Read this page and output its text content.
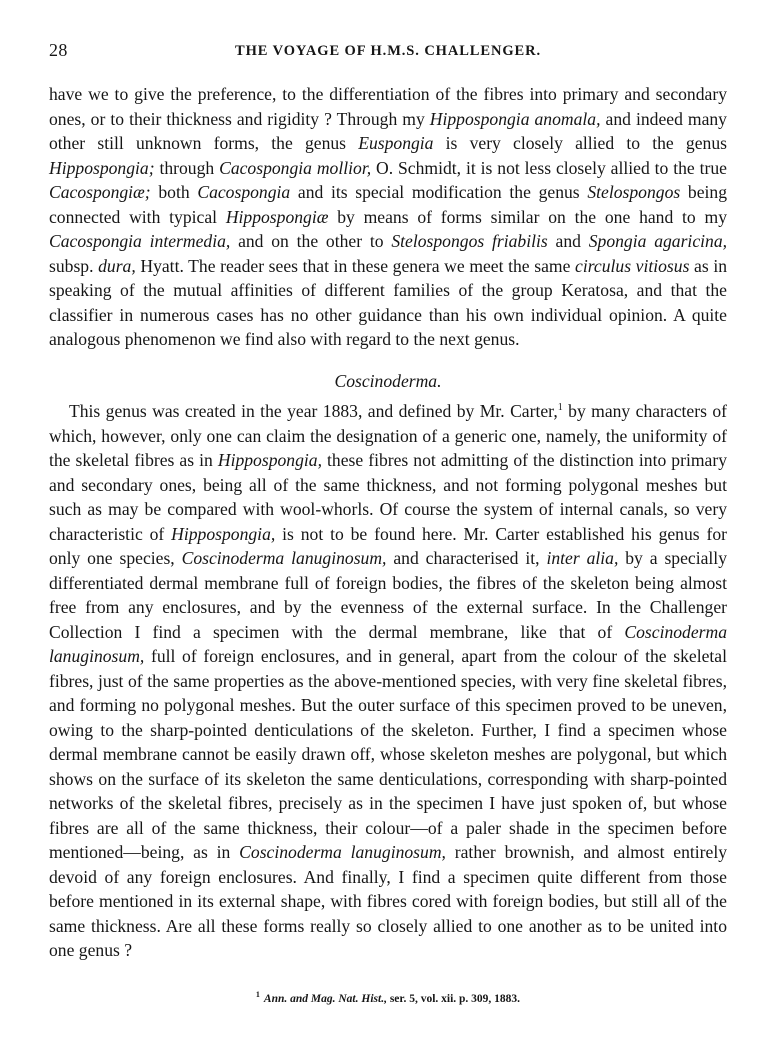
28	THE VOYAGE OF H.M.S. CHALLENGER.

have we to give the preference, to the differentiation of the fibres into primary and secondary ones, or to their thickness and rigidity ? Through my Hippospongia anomala, and indeed many other still unknown forms, the genus Euspongia is very closely allied to the genus Hippospongia; through Cacospongia mollior, O. Schmidt, it is not less closely allied to the true Cacospongiæ; both Cacospongia and its special modification the genus Stelospongos being connected with typical Hippospongiæ by means of forms similar on the one hand to my Cacospongia intermedia, and on the other to Stelospongos friabilis and Spongia agaricina, subsp. dura, Hyatt. The reader sees that in these genera we meet the same circulus vitiosus as in speaking of the mutual affinities of different families of the group Keratosa, and that the classifier in numerous cases has no other guidance than his own individual opinion. A quite analogous phenomenon we find also with regard to the next genus.

Coscinoderma.

This genus was created in the year 1883, and defined by Mr. Carter,$^1$ by many characters of which, however, only one can claim the designation of a generic one, namely, the uniformity of the skeletal fibres as in Hippospongia, these fibres not admitting of the distinction into primary and secondary ones, being all of the same thickness, and not forming polygonal meshes but such as may be compared with wool-whorls. Of course the system of internal canals, so very characteristic of Hippospongia, is not to be found here. Mr. Carter established his genus for only one species, Coscinoderma lanuginosum, and characterised it, inter alia, by a specially differentiated dermal membrane full of foreign bodies, the fibres of the skeleton being almost free from any enclosures, and by the evenness of the external surface. In the Challenger Collection I find a specimen with the dermal membrane, like that of Coscinoderma lanuginosum, full of foreign enclosures, and in general, apart from the colour of the skeletal fibres, just of the same properties as the above-mentioned species, with very fine skeletal fibres, and forming no polygonal meshes. But the outer surface of this specimen proved to be uneven, owing to the sharp-pointed denticulations of the skeleton. Further, I find a specimen whose dermal membrane cannot be easily drawn off, whose skeleton meshes are polygonal, but which shows on the surface of its skeleton the same denticulations, corresponding with sharp-pointed networks of the skeletal fibres, precisely as in the specimen I have just spoken of, but whose fibres are all of the same thickness, their colour—of a paler shade in the specimen before mentioned—being, as in Coscinoderma lanuginosum, rather brownish, and almost entirely devoid of any foreign enclosures. And finally, I find a specimen quite different from those before mentioned in its external shape, with fibres cored with foreign bodies, but still all of the same thickness. Are all these forms really so closely allied to one another as to be united into one genus ?

$^1$ Ann. and Mag. Nat. Hist., ser. 5, vol. xii. p. 309, 1883.
